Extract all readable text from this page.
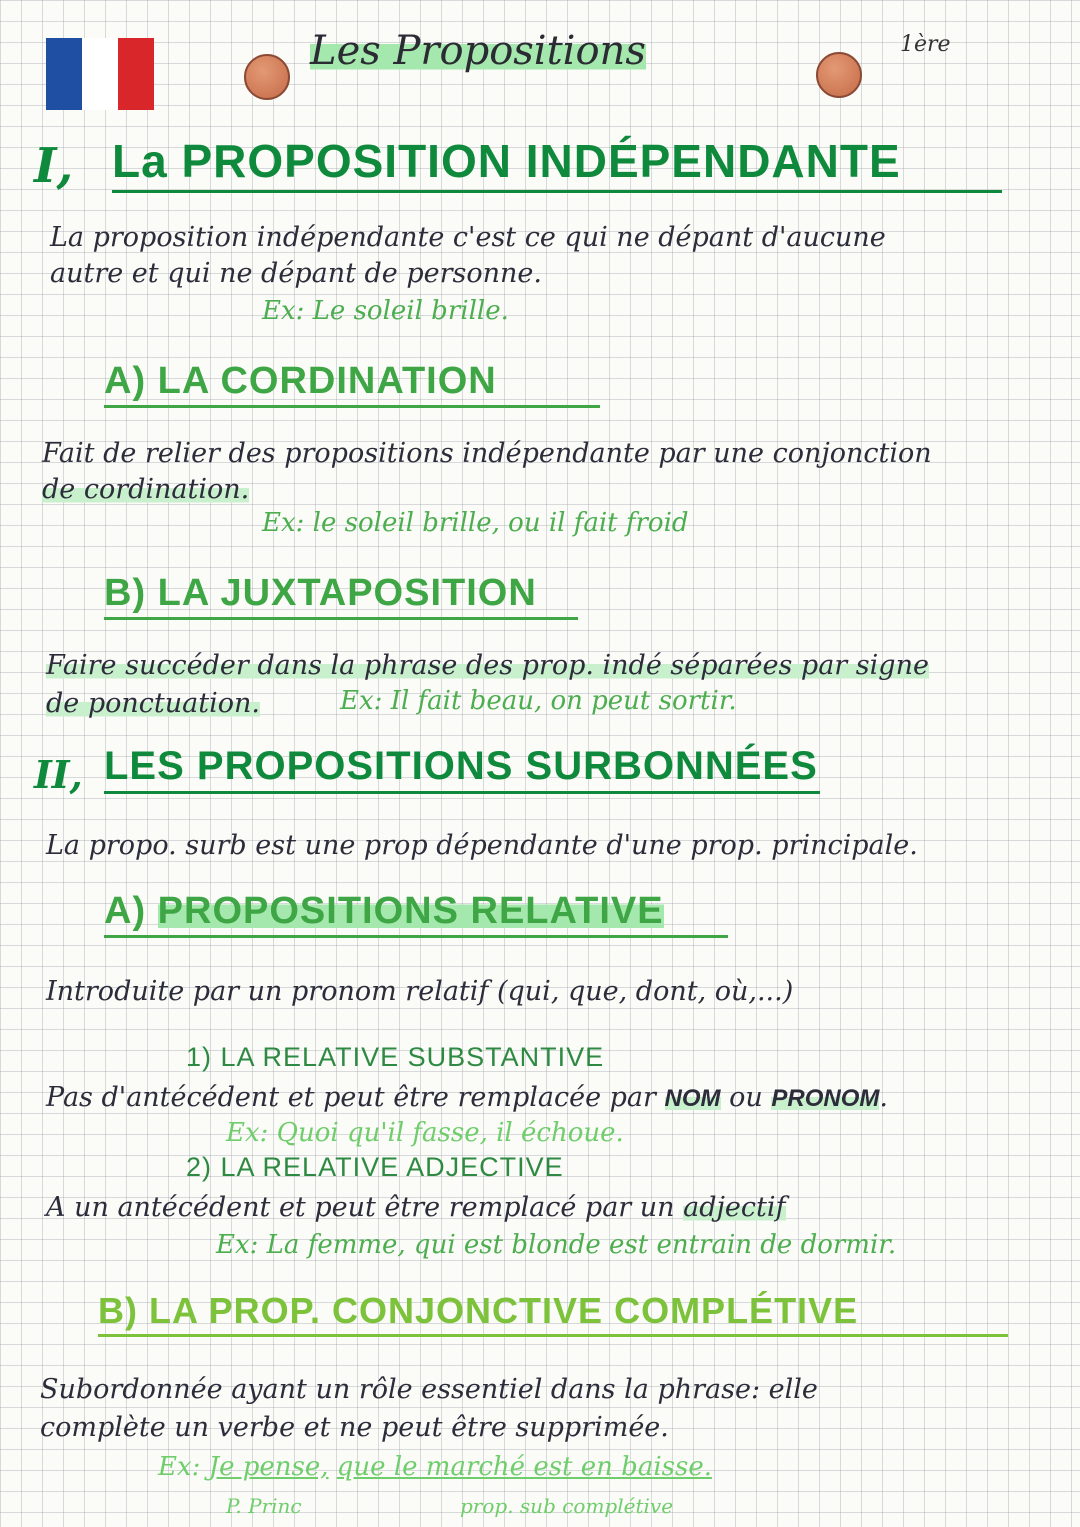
Les Propositions	1ère
I, La PROPOSITION INDÉPENDANTE
La proposition indépendante c'est ce qui ne dépant d'aucune
autre et qui ne dépant de personne.
Ex: Le soleil brille.
A) LA CORDINATION
Fait de relier des propositions indépendante par une conjonction
de cordination.
Ex: le soleil brille, ou il fait froid
B) LA JUXTAPOSITION
Faire succéder dans la phrase des prop. indé séparées par signe
de ponctuation.	Ex: Il fait beau, on peut sortir.
II, LES PROPOSITIONS SURBONNÉES
La propo. surb est une prop dépendante d'une prop. principale.
A) PROPOSITIONS RELATIVE
Introduite par un pronom relatif (qui, que, dont, où,...)
1) LA RELATIVE SUBSTANTIVE
Pas d'antécédent et peut être remplacée par NOM ou PRONOM.
Ex: Quoi qu'il fasse, il échoue.
2) LA RELATIVE ADJECTIVE
A un antécédent et peut être remplacé par un adjectif
Ex: La femme, qui est blonde est entrain de dormir.
B) LA PROP. CONJONCTIVE COMPLÉTIVE
Subordonnée ayant un rôle essentiel dans la phrase: elle
complète un verbe et ne peut être supprimée.
Ex: Je pense, que le marché est en baisse.
P. Princ	prop. sub complétive
